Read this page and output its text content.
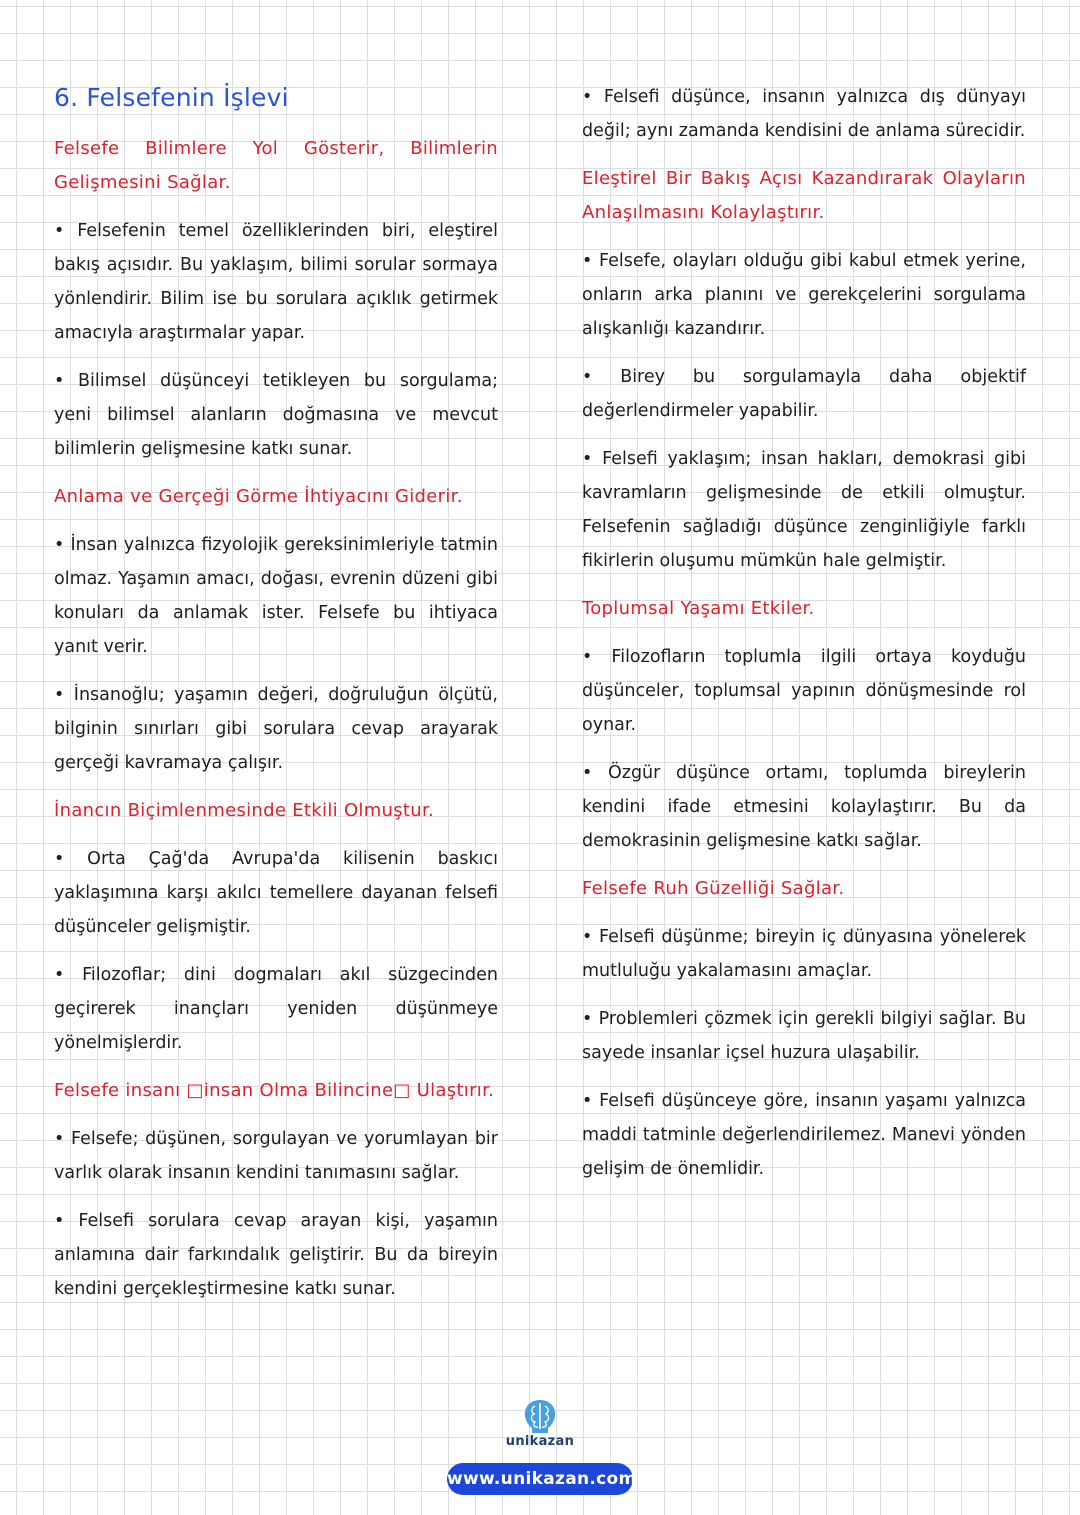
6. Felsefenin İşlevi
Felsefe Bilimlere Yol Gösterir, Bilimlerin Gelişmesini Sağlar.
• Felsefenin temel özelliklerinden biri, eleştirel bakış açısıdır. Bu yaklaşım, bilimi sorular sormaya yönlendirir. Bilim ise bu sorulara açıklık getirmek amacıyla araştırmalar yapar.
• Bilimsel düşünceyi tetikleyen bu sorgulama; yeni bilimsel alanların doğmasına ve mevcut bilimlerin gelişmesine katkı sunar.
Anlama ve Gerçeği Görme İhtiyacını Giderir.
• İnsan yalnızca fizyolojik gereksinimleriyle tatmin olmaz. Yaşamın amacı, doğası, evrenin düzeni gibi konuları da anlamak ister. Felsefe bu ihtiyaca yanıt verir.
• İnsanoğlu; yaşamın değeri, doğruluğun ölçütü, bilginin sınırları gibi sorulara cevap arayarak gerçeği kavramaya çalışır.
İnancın Biçimlenmesinde Etkili Olmuştur.
• Orta Çağ'da Avrupa'da kilisenin baskıcı yaklaşımına karşı akılcı temellere dayanan felsefi düşünceler gelişmiştir.
• Filozoflar; dini dogmaları akıl süzgecinden geçirerek inançları yeniden düşünmeye yönelmişlerdir.
Felsefe insanı □insan Olma Bilincine□ Ulaştırır.
• Felsefe; düşünen, sorgulayan ve yorumlayan bir varlık olarak insanın kendini tanımasını sağlar.
• Felsefi sorulara cevap arayan kişi, yaşamın anlamına dair farkındalık geliştirir. Bu da bireyin kendini gerçekleştirmesine katkı sunar.
• Felsefi düşünce, insanın yalnızca dış dünyayı değil; aynı zamanda kendisini de anlama sürecidir.
Eleştirel Bir Bakış Açısı Kazandırarak Olayların Anlaşılmasını Kolaylaştırır.
• Felsefe, olayları olduğu gibi kabul etmek yerine, onların arka planını ve gerekçelerini sorgulama alışkanlığı kazandırır.
• Birey bu sorgulamayla daha objektif değerlendirmeler yapabilir.
• Felsefi yaklaşım; insan hakları, demokrasi gibi kavramların gelişmesinde de etkili olmuştur. Felsefenin sağladığı düşünce zenginliğiyle farklı fikirlerin oluşumu mümkün hale gelmiştir.
Toplumsal Yaşamı Etkiler.
• Filozofların toplumla ilgili ortaya koyduğu düşünceler, toplumsal yapının dönüşmesinde rol oynar.
• Özgür düşünce ortamı, toplumda bireylerin kendini ifade etmesini kolaylaştırır. Bu da demokrasinin gelişmesine katkı sağlar.
Felsefe Ruh Güzelliği Sağlar.
• Felsefi düşünme; bireyin iç dünyasına yönelerek mutluluğu yakalamasını amaçlar.
• Problemleri çözmek için gerekli bilgiyi sağlar. Bu sayede insanlar içsel huzura ulaşabilir.
• Felsefi düşünceye göre, insanın yaşamı yalnızca maddi tatminle değerlendirilemez. Manevi yönden gelişim de önemlidir.
unikazan
www.unikazan.com
